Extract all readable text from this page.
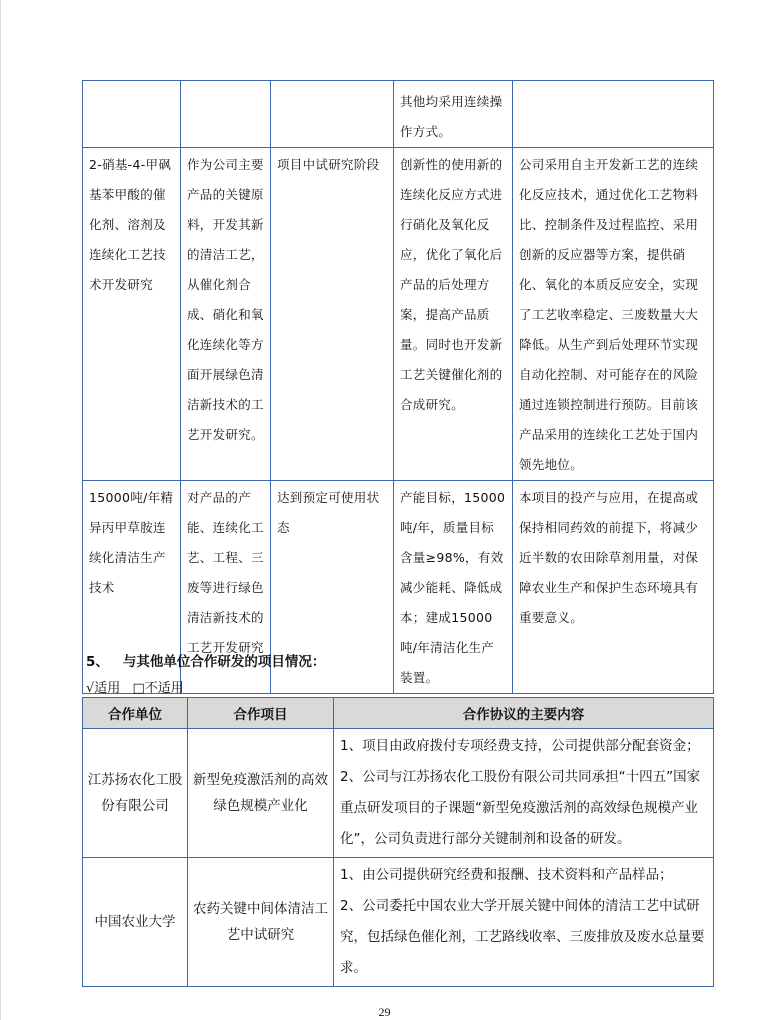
			其他均采用连续操作方式。	
2-硝基-4-甲砜基苯甲酸的催化剂、溶剂及连续化工艺技术开发研究	作为公司主要产品的关键原料，开发其新的清洁工艺，从催化剂合成、硝化和氧化连续化等方面开展绿色清洁新技术的工艺开发研究。	项目中试研究阶段	创新性的使用新的连续化反应方式进行硝化及氧化反应，优化了氧化后产品的后处理方案，提高产品质量。同时也开发新工艺关键催化剂的合成研究。	公司采用自主开发新工艺的连续化反应技术，通过优化工艺物料比、控制条件及过程监控、采用创新的反应器等方案，提供硝化、氧化的本质反应安全，实现了工艺收率稳定、三废数量大大降低。从生产到后处理环节实现自动化控制、对可能存在的风险通过连锁控制进行预防。目前该产品采用的连续化工艺处于国内领先地位。
15000吨/年精异丙甲草胺连续化清洁生产技术	对产品的产能、连续化工艺、工程、三废等进行绿色清洁新技术的工艺开发研究	达到预定可使用状态	产能目标，15000吨/年，质量目标含量≥98%，有效减少能耗、降低成本；建成15000吨/年清洁化生产装置。	本项目的投产与应用，在提高或保持相同药效的前提下，将减少近半数的农田除草剂用量，对保障农业生产和保护生态环境具有重要意义。
5、 与其他单位合作研发的项目情况：
√适用 □不适用
合作单位	合作项目	合作协议的主要内容
江苏扬农化工股份有限公司	新型免疫激活剂的高效绿色规模产业化	1、项目由政府拨付专项经费支持，公司提供部分配套资金；
2、公司与江苏扬农化工股份有限公司共同承担“十四五”国家重点研发项目的子课题“新型免疫激活剂的高效绿色规模产业化”，公司负责进行部分关键制剂和设备的研发。

中国农业大学	农药关键中间体清洁工艺中试研究	1、由公司提供研究经费和报酬、技术资料和产品样品；
2、公司委托中国农业大学开展关键中间体的清洁工艺中试研究，包括绿色催化剂，工艺路线收率、三废排放及废水总量要求。
29
